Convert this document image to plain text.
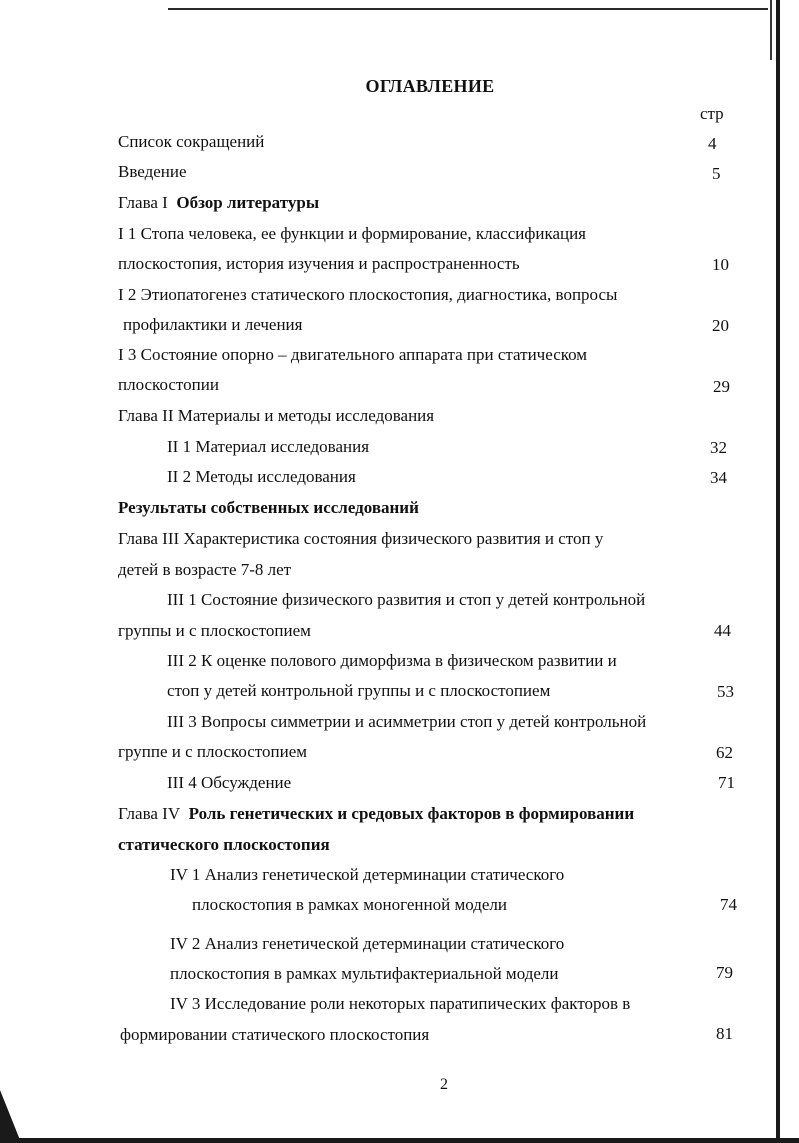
ОГЛАВЛЕНИЕ
стр
Список сокращений	4
Введение	5
Глава I Обзор литературы
I 1 Стопа человека, ее функции и формирование, классификация
плоскостопия, история изучения и распространенность	10
I 2 Этиопатогенез статического плоскостопия, диагностика, вопросы
профилактики и лечения	20
I 3 Состояние опорно – двигательного аппарата при статическом
плоскостопии	29
Глава II Материалы и методы исследования
II 1 Материал исследования	32
II 2 Методы исследования	34
Результаты собственных исследований
Глава III Характеристика состояния физического развития и стоп у
детей в возрасте 7-8 лет
III 1 Состояние физического развития и стоп у детей контрольной
группы и с плоскостопием	44
III 2 К оценке полового диморфизма в физическом развитии и
стоп у детей контрольной группы и с плоскостопием	53
III 3 Вопросы симметрии и асимметрии стоп у детей контрольной
группе и с плоскостопием	62
III 4 Обсуждение	71
Глава IV Роль генетических и средовых факторов в формировании
статического плоскостопия
IV 1 Анализ генетической детерминации статического
плоскостопия в рамках моногенной модели	74
IV 2 Анализ генетической детерминации статического
плоскостопия в рамках мультифактериальной модели	79
IV 3 Исследование роли некоторых паратипических факторов в
формировании статического плоскостопия	81
2
